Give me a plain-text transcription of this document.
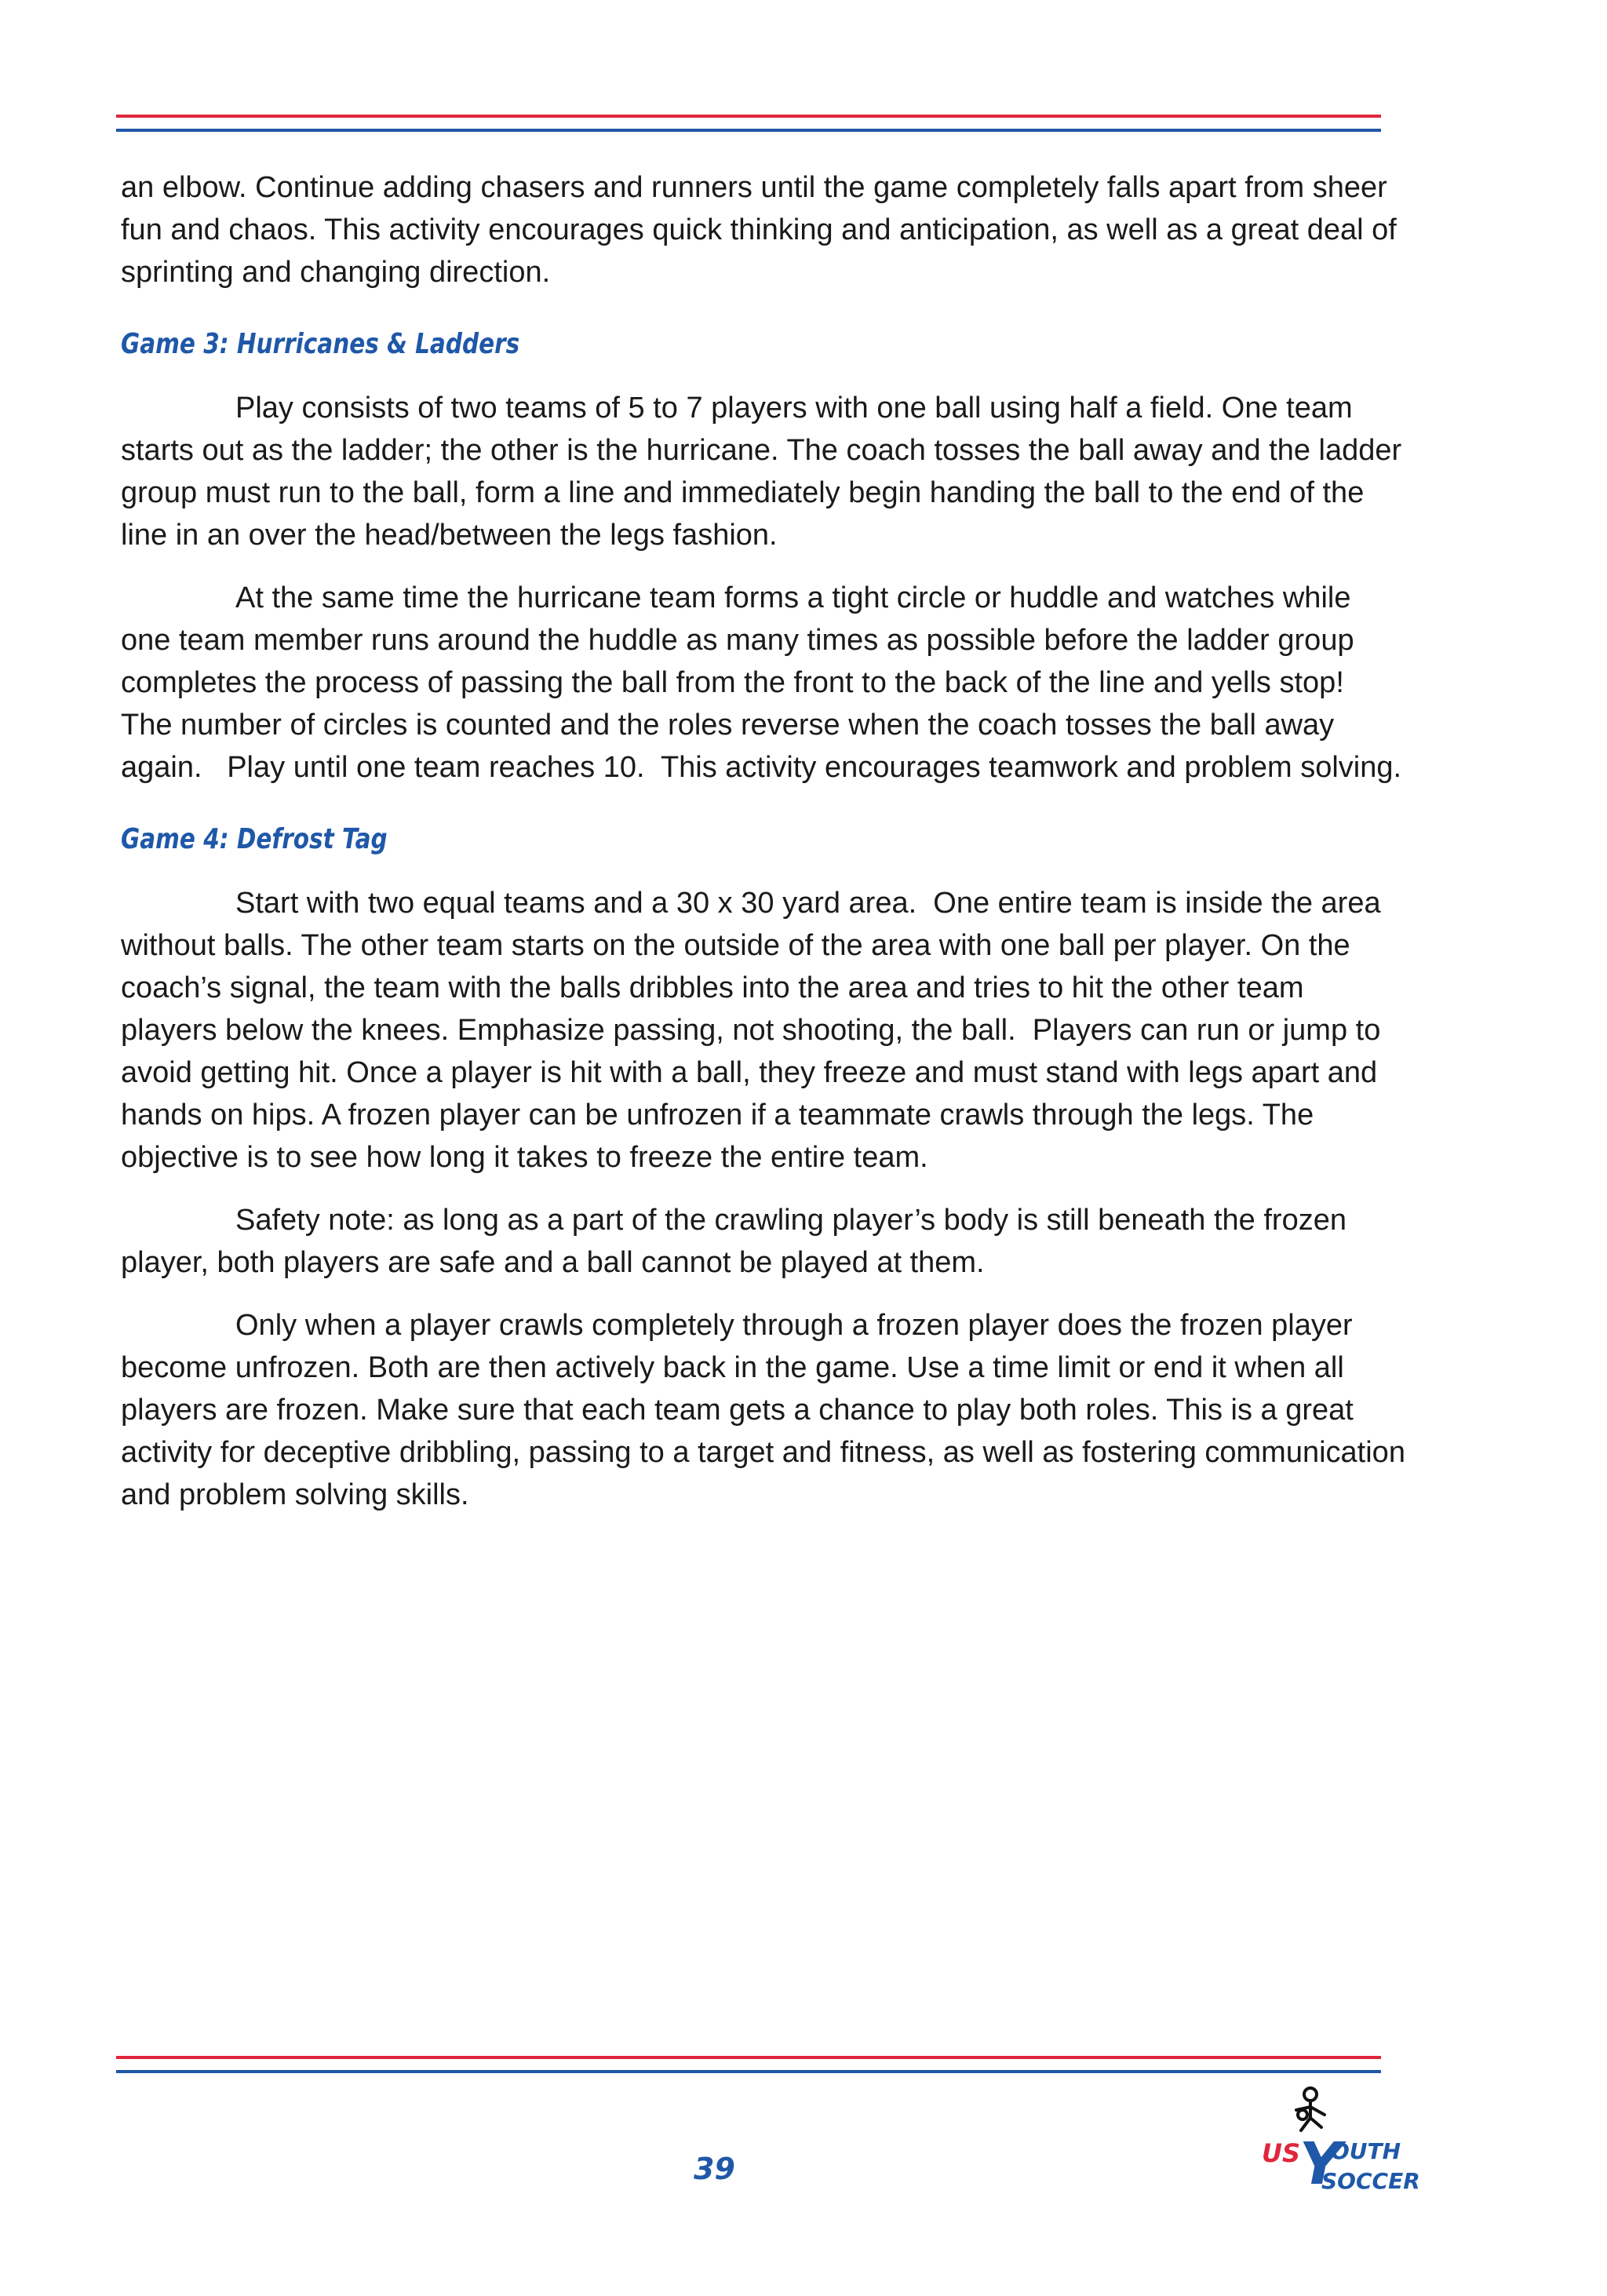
an elbow. Continue adding chasers and runners until the game completely falls apart from sheer fun and chaos. This activity encourages quick thinking and anticipation, as well as a great deal of sprinting and changing direction.

Game 3: Hurricanes & Ladders

Play consists of two teams of 5 to 7 players with one ball using half a field. One team starts out as the ladder; the other is the hurricane. The coach tosses the ball away and the ladder group must run to the ball, form a line and immediately begin handing the ball to the end of the line in an over the head/between the legs fashion.

At the same time the hurricane team forms a tight circle or huddle and watches while one team member runs around the huddle as many times as possible before the ladder group completes the process of passing the ball from the front to the back of the line and yells stop!  The number of circles is counted and the roles reverse when the coach tosses the ball away again.   Play until one team reaches 10.  This activity encourages teamwork and problem solving.

Game 4: Defrost Tag

Start with two equal teams and a 30 x 30 yard area.  One entire team is inside the area without balls. The other team starts on the outside of the area with one ball per player. On the coach’s signal, the team with the balls dribbles into the area and tries to hit the other team players below the knees. Emphasize passing, not shooting, the ball.  Players can run or jump to avoid getting hit. Once a player is hit with a ball, they freeze and must stand with legs apart and hands on hips. A frozen player can be unfrozen if a teammate crawls through the legs. The objective is to see how long it takes to freeze the entire team.

Safety note: as long as a part of the crawling player’s body is still beneath the frozen player, both players are safe and a ball cannot be played at them.

Only when a player crawls completely through a frozen player does the frozen player become unfrozen. Both are then actively back in the game. Use a time limit or end it when all players are frozen. Make sure that each team gets a chance to play both roles. This is a great activity for deceptive dribbling, passing to a target and fitness, as well as fostering communication and problem solving skills.

39	US
Y
OUTH
SOCCER
